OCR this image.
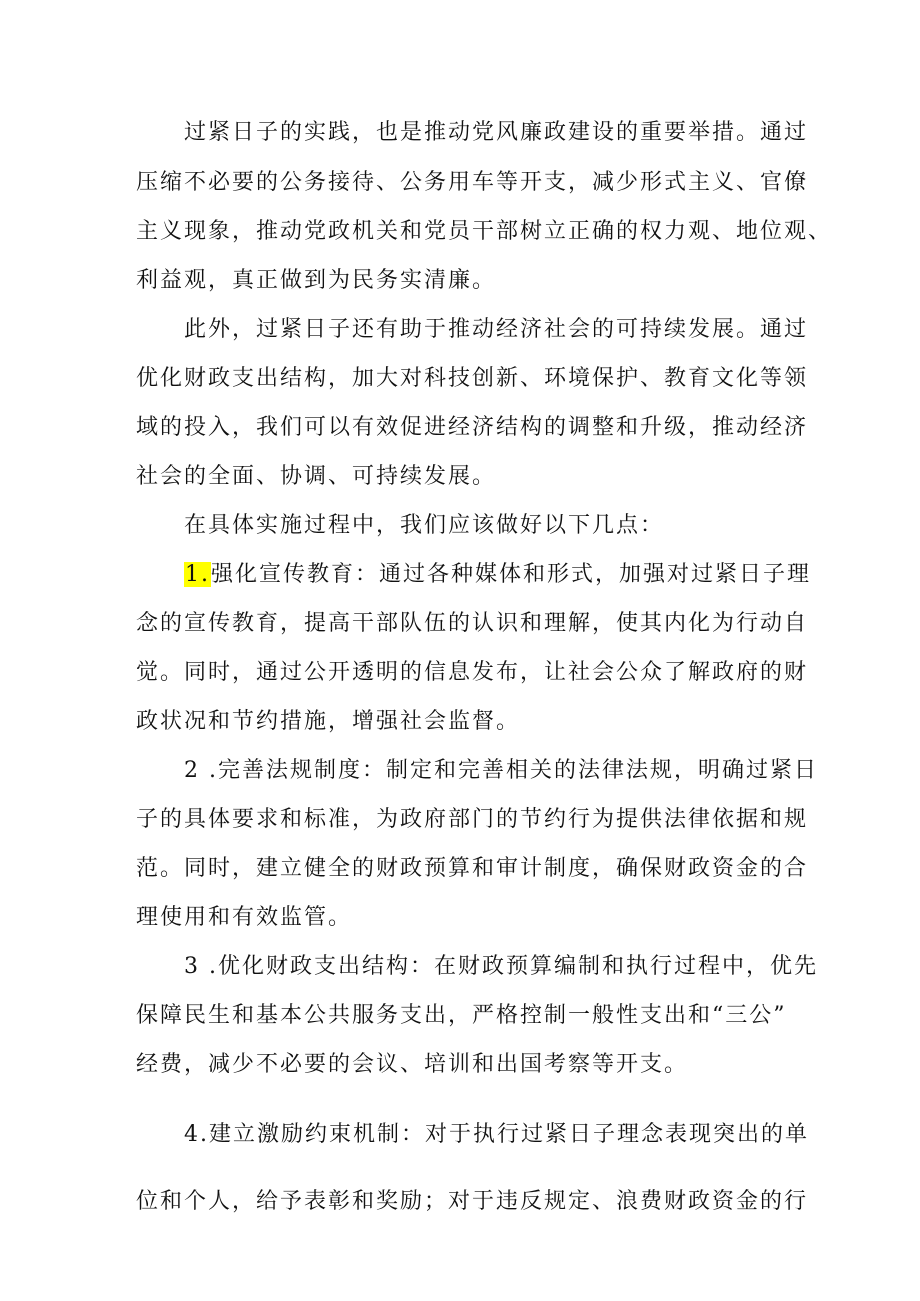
过紧日子的实践，也是推动党风廉政建设的重要举措。通过
压缩不必要的公务接待、公务用车等开支，减少形式主义、官僚
主义现象，推动党政机关和党员干部树立正确的权力观、地位观、
利益观，真正做到为民务实清廉。
此外，过紧日子还有助于推动经济社会的可持续发展。通过
优化财政支出结构，加大对科技创新、环境保护、教育文化等领
域的投入，我们可以有效促进经济结构的调整和升级，推动经济
社会的全面、协调、可持续发展。
在具体实施过程中，我们应该做好以下几点：
1.强化宣传教育：通过各种媒体和形式，加强对过紧日子理
念的宣传教育，提高干部队伍的认识和理解，使其内化为行动自
觉。同时，通过公开透明的信息发布，让社会公众了解政府的财
政状况和节约措施，增强社会监督。
2 .完善法规制度：制定和完善相关的法律法规，明确过紧日
子的具体要求和标准，为政府部门的节约行为提供法律依据和规
范。同时，建立健全的财政预算和审计制度，确保财政资金的合
理使用和有效监管。
3 .优化财政支出结构：在财政预算编制和执行过程中，优先
保障民生和基本公共服务支出，严格控制一般性支出和“三公”
经费，减少不必要的会议、培训和出国考察等开支。
4.建立激励约束机制：对于执行过紧日子理念表现突出的单
位和个人，给予表彰和奖励；对于违反规定、浪费财政资金的行
